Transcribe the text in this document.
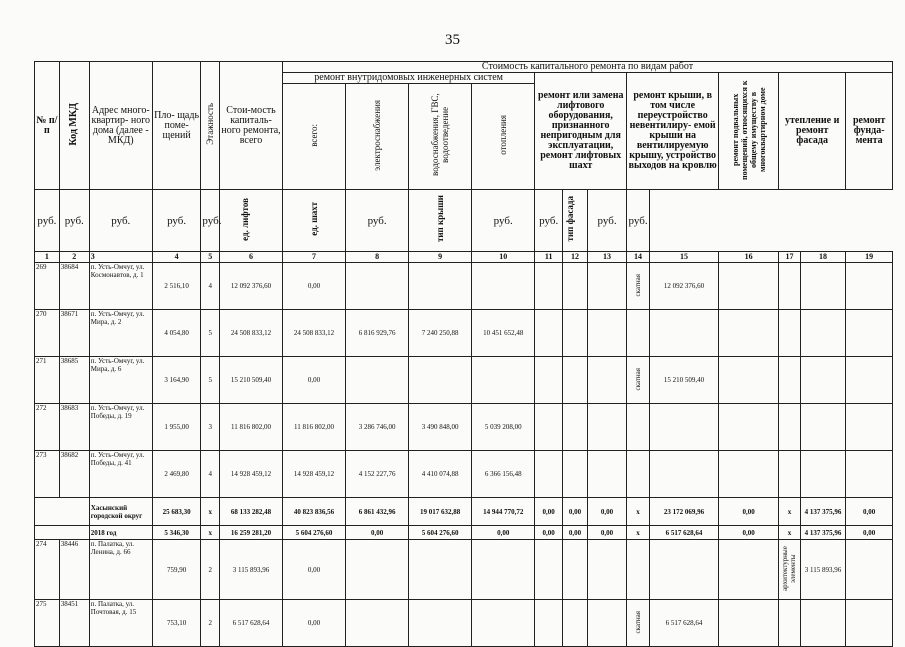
35
№ п/ п	Код МКД	Адрес много- квартир- ного дома (далее - МКД)	Пло- щадь поме- щений	Этажность	Стои-мость капиталь- ного ремонта, всего	Стоимость капитального ремонта по видам работ												
						ремонт внутридомовых инженерных систем				ремонт или замена лифтового оборудования, признанного непригодным для эксплуатации, ремонт лифтовых шахт			ремонт крыши, в том числе переустройство невентилиру- емой крыши на вентилируемую крышу, устройство выходов на кровлю		ремонт подвальных помещений, относящихся к общему имуществу в многоквартирном доме	утепление и ремонт фасада		ремонт фунда- мента
						всего:	электроснабжения	водоснабжения, ГВС, водоотведение	отопления									
руб.	руб.	руб.	руб.	руб.	ед. лифтов	ед. шахт	руб.	тип крыши	руб.	руб.	тип фасада	руб.	руб.					
1	2	3	4	5	6	7	8	9	10	11	12	13	14	15	16	17	18	19
269	38684	п. Усть-Омчуг, ул. Космонавтов, д. 1	2 516,10	4	12 092 376,60	0,00							скатная	12 092 376,60				
270	38671	п. Усть-Омчуг, ул. Мира, д. 2	4 054,80	5	24 508 833,12	24 508 833,12	6 816 929,76	7 240 250,88	10 451 652,48									
271	38685	п. Усть-Омчуг, ул. Мира, д. 6	3 164,90	5	15 210 509,40	0,00							скатная	15 210 509,40				
272	38683	п. Усть-Омчуг, ул. Победы, д. 19	1 955,00	3	11 816 802,00	11 816 802,00	3 286 746,00	3 490 848,00	5 039 208,00									
273	38682	п. Усть-Омчуг, ул. Победы, д. 41	2 469,80	4	14 928 459,12	14 928 459,12	4 152 227,76	4 410 074,88	6 366 156,48									
		Хасынский городской округ	25 683,30	x	68 133 282,48	40 823 836,56	6 861 432,96	19 017 632,88	14 944 770,72	0,00	0,00	0,00	x	23 172 069,96	0,00	x	4 137 375,96	0,00
		2018 год	5 346,30	x	16 259 281,20	5 604 276,60	0,00	5 604 276,60	0,00	0,00	0,00	0,00	x	6 517 628,64	0,00	x	4 137 375,96	0,00
274	38446	п. Палатка, ул. Ленина, д. 66	759,90	2	3 115 893,96	0,00										архитектурные элементы	3 115 893,96	
275	38451	п. Палатка, ул. Почтовая, д. 15	753,10	2	6 517 628,64	0,00							скатная	6 517 628,64				
